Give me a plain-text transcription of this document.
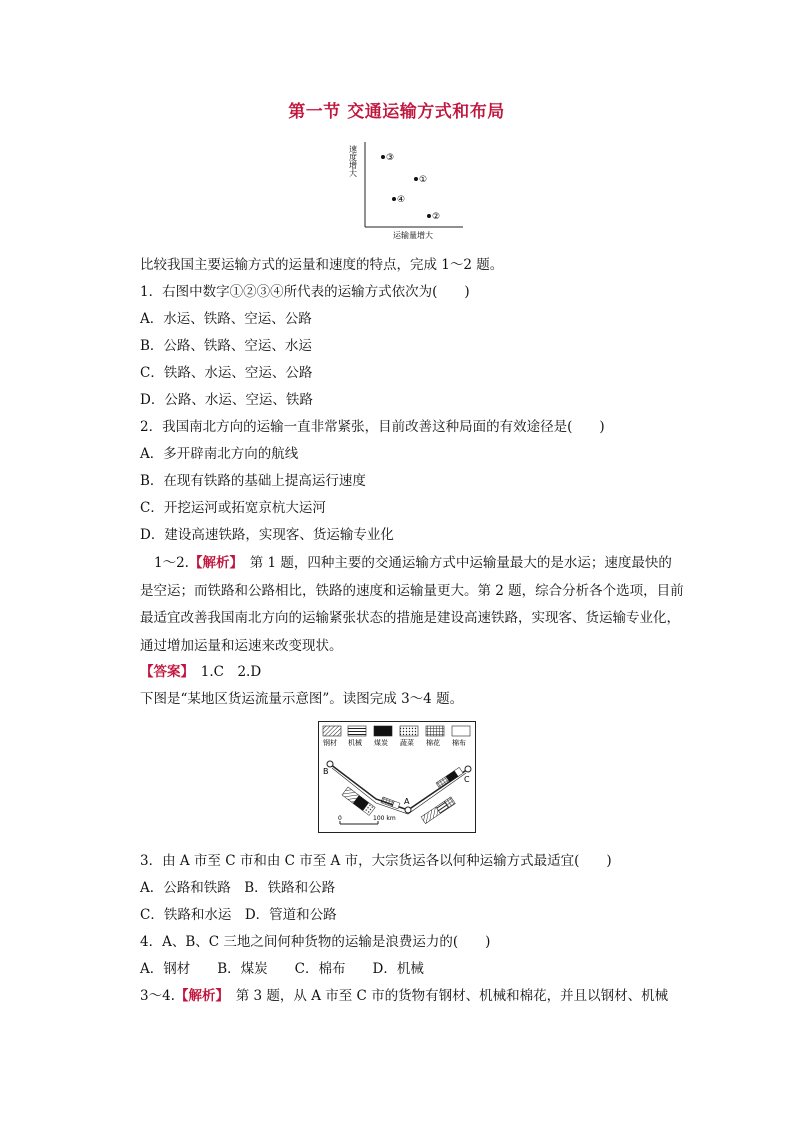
第一节 交通运输方式和布局
速度增大	③
①
④
②
运输量增大
比较我国主要运输方式的运量和速度的特点，完成 1～2 题。
1．右图中数字①②③④所代表的运输方式依次为(　　)
A．水运、铁路、空运、公路
B．公路、铁路、空运、水运
C．铁路、水运、空运、公路
D．公路、水运、空运、铁路
2．我国南北方向的运输一直非常紧张，目前改善这种局面的有效途径是(　　)
A．多开辟南北方向的航线
B．在现有铁路的基础上提高运行速度
C．开挖运河或拓宽京杭大运河
D．建设高速铁路，实现客、货运输专业化
1～2.【解析】　第 1 题，四种主要的交通运输方式中运输量最大的是水运；速度最快的是空运；而铁路和公路相比，铁路的速度和运输量更大。第 2 题，综合分析各个选项，目前最适宜改善我国南北方向的运输紧张状态的措施是建设高速铁路，实现客、货运输专业化，通过增加运量和运速来改变现状。
【答案】　1.C　2.D
下图是“某地区货运流量示意图”。读图完成 3～4 题。
钢材 机械 煤炭 蔬菜 棉花 棉布
B
A
C
0	100 km
3．由 A 市至 C 市和由 C 市至 A 市，大宗货运各以何种运输方式最适宜(　　)
A．公路和铁路　B．铁路和公路
C．铁路和水运　D．管道和公路
4．A、B、C 三地之间何种货物的运输是浪费运力的(　　)
A．钢材　　B．煤炭　　C．棉布　　D．机械
3～4.【解析】　第 3 题，从 A 市至 C 市的货物有钢材、机械和棉花，并且以钢材、机械
